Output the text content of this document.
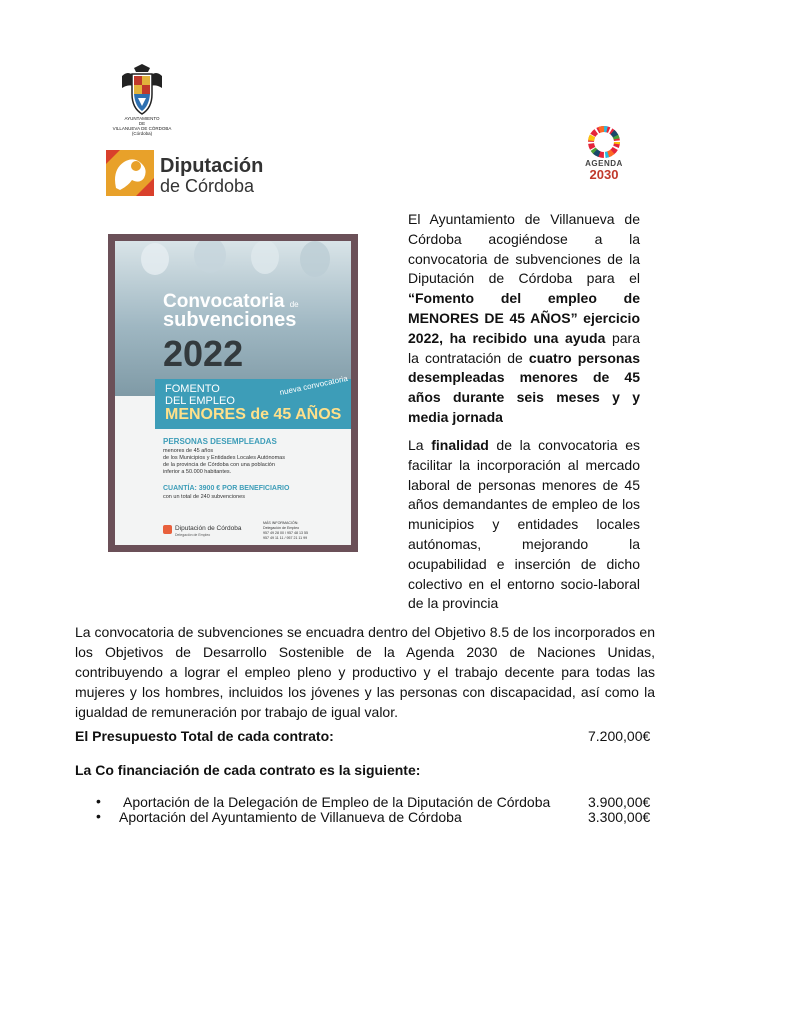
AYUNTAMIENTO
DE
VILLANUEVA DE CÓRDOBA
(Córdoba)
Diputación
de Córdoba
AGENDA
2030
Convocatoria de
subvenciones
2022
FOMENTO
DEL EMPLEO
MENORES de 45 AÑOS
nueva convocatoria
PERSONAS DESEMPLEADAS
menores de 45 años
de los Municipios y Entidades Locales Autónomas
de la provincia de Córdoba con una población
inferior a 50.000 habitantes.
CUANTÍA: 3900 € POR BENEFICIARIO
con un total de 240 subvenciones
Diputación de Córdoba
Delegación de Empleo
MÁS INFORMACIÓN:
Delegación de Empleo
957 49 28 00 / 957 48 13 55
957 49 11 11 / 957 21 11 99
El Ayuntamiento de Villanueva de Córdoba acogiéndose a la convocatoria de subvenciones de la Diputación de Córdoba para el “Fomento del empleo de MENORES DE 45 AÑOS” ejercicio 2022, ha recibido una ayuda para la contratación de cuatro personas desempleadas menores de 45 años durante seis meses y y media jornada
La finalidad de la convocatoria es facilitar la incorporación al mercado laboral de personas menores de 45 años demandantes de empleo de los municipios y entidades locales autónomas, mejorando la ocupabilidad e inserción de dicho colectivo en el entorno socio-laboral de la provincia
La convocatoria de subvenciones se encuadra dentro del Objetivo 8.5 de los incorporados en los Objetivos de Desarrollo Sostenible de la Agenda 2030 de Naciones Unidas, contribuyendo a lograr el empleo pleno y productivo y el trabajo decente para todas las mujeres y los hombres, incluidos los jóvenes y las personas con discapacidad, así como la igualdad de remuneración por trabajo de igual valor.
El Presupuesto Total de cada contrato:	7.200,00€
La Co financiación de cada contrato es la siguiente:
• Aportación de la Delegación de Empleo de la Diputación de Córdoba	3.900,00€
• Aportación del Ayuntamiento de Villanueva de Córdoba	3.300,00€
